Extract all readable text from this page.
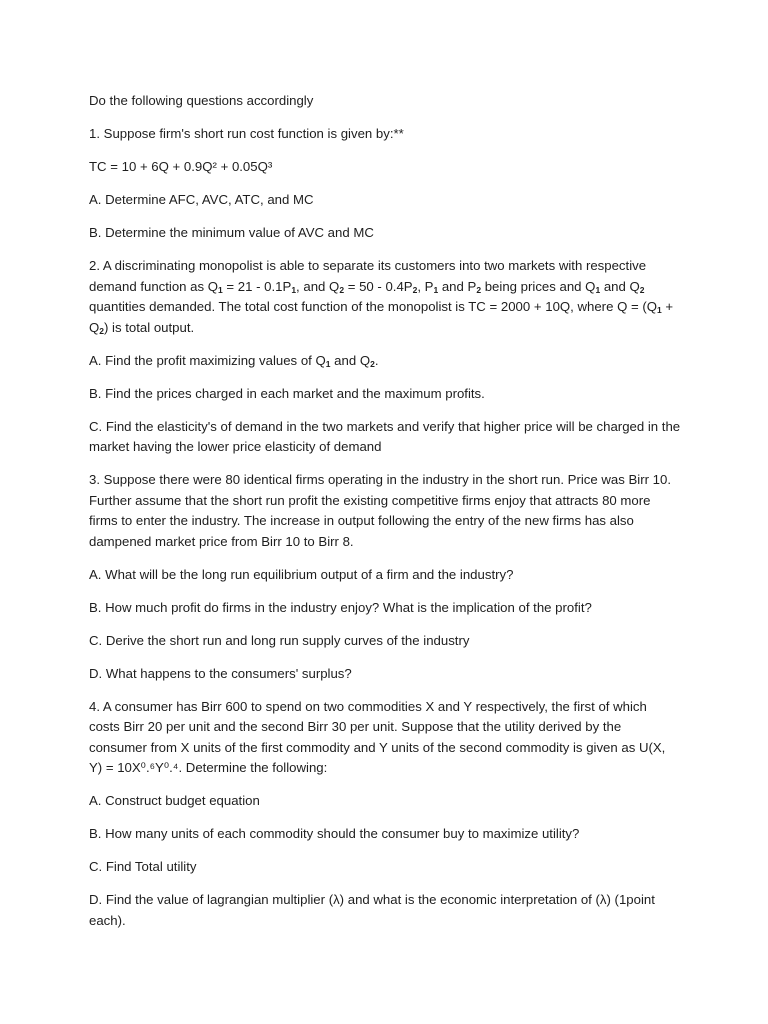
Do the following questions accordingly

1. Suppose firm's short run cost function is given by:**

TC = 10 + 6Q + 0.9Q² + 0.05Q³

A. Determine AFC, AVC, ATC, and MC

B. Determine the minimum value of AVC and MC

2. A discriminating monopolist is able to separate its customers into two markets with respective demand function as $Q_1 = 21 - 0.1P_1$, and $Q_2 = 50 - 0.4P_2$, $P_1$ and $P_2$ being prices and $Q_1$ and $Q_2$ quantities demanded. The total cost function of the monopolist is TC = 2000 + 10Q, where $Q = (Q_1 + Q_2)$ is total output.

A. Find the profit maximizing values of $Q_1$ and $Q_2$.

B. Find the prices charged in each market and the maximum profits.

C. Find the elasticity's of demand in the two markets and verify that higher price will be charged in the market having the lower price elasticity of demand

3. Suppose there were 80 identical firms operating in the industry in the short run. Price was Birr 10. Further assume that the short run profit the existing competitive firms enjoy that attracts 80 more firms to enter the industry. The increase in output following the entry of the new firms has also dampened market price from Birr 10 to Birr 8.

A. What will be the long run equilibrium output of a firm and the industry?

B. How much profit do firms in the industry enjoy? What is the implication of the profit?

C. Derive the short run and long run supply curves of the industry

D. What happens to the consumers' surplus?

4. A consumer has Birr 600 to spend on two commodities X and Y respectively, the first of which costs Birr 20 per unit and the second Birr 30 per unit. Suppose that the utility derived by the consumer from X units of the first commodity and Y units of the second commodity is given as U(X, Y) = 10X⁰.⁶Y⁰.⁴. Determine the following:

A. Construct budget equation

B. How many units of each commodity should the consumer buy to maximize utility?

C. Find Total utility

D. Find the value of lagrangian multiplier (λ) and what is the economic interpretation of (λ) (1point each).
